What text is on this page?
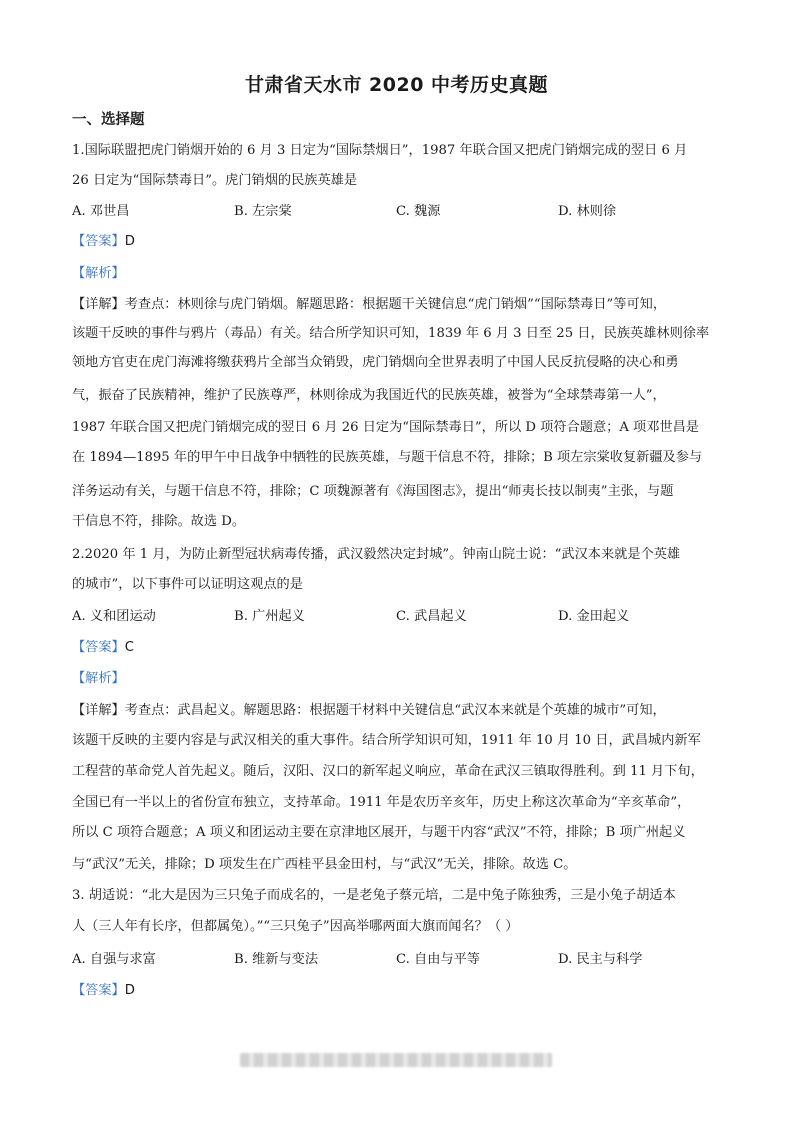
甘肃省天水市 2020 中考历史真题
一、选择题
1.国际联盟把虎门销烟开始的 6 月 3 日定为“国际禁烟日”，1987 年联合国又把虎门销烟完成的翌日 6 月
26 日定为“国际禁毒日”。虎门销烟的民族英雄是
A. 邓世昌	B. 左宗棠	C. 魏源	D. 林则徐
【答案】D
【解析】
【详解】考查点：林则徐与虎门销烟。解题思路：根据题干关键信息“虎门销烟”“国际禁毒日”等可知，
该题干反映的事件与鸦片（毒品）有关。结合所学知识可知，1839 年 6 月 3 日至 25 日，民族英雄林则徐率
领地方官吏在虎门海滩将缴获鸦片全部当众销毁，虎门销烟向全世界表明了中国人民反抗侵略的决心和勇
气，振奋了民族精神，维护了民族尊严，林则徐成为我国近代的民族英雄，被誉为“全球禁毒第一人”，
1987 年联合国又把虎门销烟完成的翌日 6 月 26 日定为“国际禁毒日”，所以 D 项符合题意；A 项邓世昌是
在 1894—1895 年的甲午中日战争中牺牲的民族英雄，与题干信息不符，排除；B 项左宗棠收复新疆及参与
洋务运动有关，与题干信息不符，排除；C 项魏源著有《海国图志》，提出“师夷长技以制夷”主张，与题
干信息不符，排除。故选 D。
2.2020 年 1 月，为防止新型冠状病毒传播，武汉毅然决定封城”。钟南山院士说：“武汉本来就是个英雄
的城市”，以下事件可以证明这观点的是
A. 义和团运动	B. 广州起义	C. 武昌起义	D. 金田起义
【答案】C
【解析】
【详解】考查点：武昌起义。解题思路：根据题干材料中关键信息“武汉本来就是个英雄的城市”可知，
该题干反映的主要内容是与武汉相关的重大事件。结合所学知识可知，1911 年 10 月 10 日，武昌城内新军
工程营的革命党人首先起义。随后，汉阳、汉口的新军起义响应，革命在武汉三镇取得胜利。到 11 月下旬，
全国已有一半以上的省份宣布独立，支持革命。1911 年是农历辛亥年，历史上称这次革命为“辛亥革命”，
所以 C 项符合题意；A 项义和团运动主要在京津地区展开，与题干内容“武汉”不符，排除；B 项广州起义
与“武汉”无关，排除；D 项发生在广西桂平县金田村，与“武汉”无关，排除。故选 C。
3. 胡适说：“北大是因为三只兔子而成名的，一是老兔子蔡元培，二是中兔子陈独秀，三是小兔子胡适本
人（三人年有长序，但都属兔）。”“三只兔子”因高举哪两面大旗而闻名？（ ）
A. 自强与求富	B. 维新与变法	C. 自由与平等	D. 民主与科学
【答案】D
